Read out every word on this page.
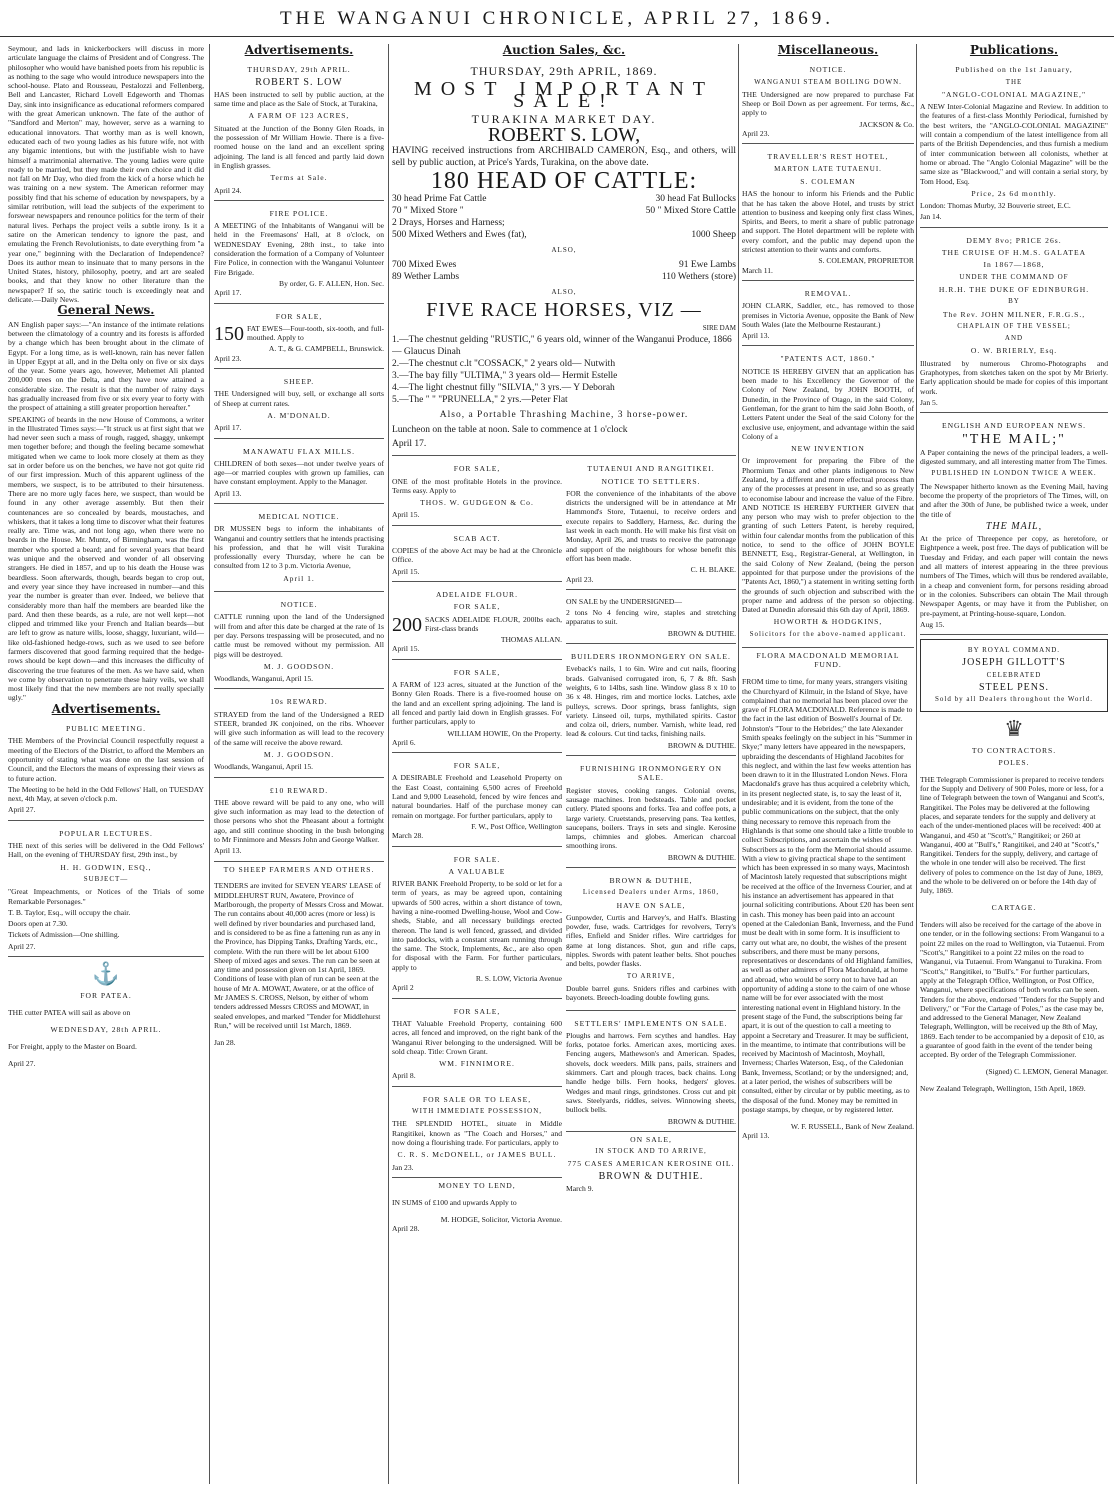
THE WANGANUI CHRONICLE, APRIL 27, 1869.

Seymour, and lads in knickerbockers will discuss in more articulate language the claims of President and of Congress. The philosopher who would have banished poets from his republic is as nothing to the sage who would introduce newspapers into the school-house. Plato and Rousseau, Pestalozzi and Fellenberg, Bell and Lancaster, Richard Lovell Edgeworth and Thomas Day, sink into insignificance as educational reformers compared with the great American unknown. The fate of the author of "Sandford and Merton" may, however, serve as a warning to educational innovators. That worthy man as is well known, educated each of two young ladies as his future wife, not with any bigamic intentions, but with the justifiable wish to have himself a matrimonial alternative. The young ladies were quite ready to be married, but they made their own choice and it did not fall on Mr Day, who died from the kick of a horse which he was training on a new system. The American reformer may possibly find that his scheme of education by newspapers, by a similar retribution, will lead the subjects of the experiment to forswear newspapers and renounce politics for the term of their natural lives. Perhaps the project veils a subtle irony. Is it a satire on the American tendency to ignore the past, and emulating the French Revolutionists, to date everything from "a year one," beginning with the Declaration of Independence? Does its author mean to insinuate that to many persons in the United States, history, philosophy, poetry, and art are sealed books, and that they know no other literature than the newspaper? If so, the satiric touch is exceedingly neat and delicate.—Daily News.

General News.

AN English paper says:—"An instance of the intimate relations between the climatology of a country and its forests is afforded by a change which has been brought about in the climate of Egypt. For a long time, as is well-known, rain has never fallen in Upper Egypt at all, and in the Delta only on five or six days of the year. Some years ago, however, Mehemet Ali planted 200,000 trees on the Delta, and they have now attained a considerable size. The result is that the number of rainy days has gradually increased from five or six every year to forty with the prospect of attaining a still greater proportion hereafter."

SPEAKING of beards in the new House of Commons, a writer in the Illustrated Times says:—"It struck us at first sight that we had never seen such a mass of rough, ragged, shaggy, unkempt men together before; and though the feeling became somewhat mitigated when we came to look more closely at them as they sat in order before us on the benches, we have not got quite rid of our first impression. Much of this apparent ugliness of the members, we suspect, is to be attributed to their hirsuteness. There are no more ugly faces here, we suspect, than would be found in any other average assembly. But then their countenances are so concealed by beards, moustaches, and whiskers, that it takes a long time to discover what their features really are. Time was, and not long ago, when there were no beards in the House. Mr. Muntz, of Birmingham, was the first member who sported a beard; and for several years that beard was unique and the observed and wonder of all observing strangers. He died in 1857, and up to his death the House was beardless. Soon afterwards, though, beards began to crop out, and every year since they have increased in number—and this year the number is greater than ever. Indeed, we believe that considerably more than half the members are bearded like the pard. And then these beards, as a rule, are not well kept—not clipped and trimmed like your French and Italian beards—but are left to grow as nature wills, loose, shaggy, luxuriant, wild—like old-fashioned hedge-rows, such as we used to see before farmers discovered that good farming required that the hedge-rows should be kept down—and this increases the difficulty of discovering the true features of the men. As we have said, when we come by observation to penetrate these hairy veils, we shall most likely find that the new members are not really specially ugly."

Advertisements.
PUBLIC MEETING.

THE Members of the Provincial Council respectfully request a meeting of the Electors of the District, to afford the Members an opportunity of stating what was done on the last session of Council, and the Electors the means of expressing their views as to future action.

The Meeting to be held in the Odd Fellows' Hall, on TUESDAY next, 4th May, at seven o'clock p.m.

April 27.
POPULAR LECTURES.

THE next of this series will be delivered in the Odd Fellows' Hall, on the evening of THURSDAY first, 29th inst., by

H. H. GODWIN, ESQ.,
SUBJECT—

"Great Impeachments, or Notices of the Trials of some Remarkable Personages."

T. B. Taylor, Esq., will occupy the chair.

Doors open at 7.30.

Tickets of Admission—One shilling.

April 27.
⚓
FOR PATEA.

THE cutter PATEA will sail as above on

WEDNESDAY, 28th APRIL.

For Freight, apply to the Master on Board.

April 27.
Advertisements.
THURSDAY, 29th APRIL.
ROBERT S. LOW

HAS been instructed to sell by public auction, at the same time and place as the Sale of Stock, at Turakina,

A FARM OF 123 ACRES,

Situated at the Junction of the Bonny Glen Roads, in the possession of Mr William Howie. There is a five-roomed house on the land and an excellent spring adjoining. The land is all fenced and partly laid down in English grasses.

Terms at Sale.
April 24.
FIRE POLICE.

A MEETING of the Inhabitants of Wanganui will be held in the Freemasons' Hall, at 8 o'clock, on WEDNESDAY Evening, 28th inst., to take into consideration the formation of a Company of Volunteer Fire Police, in connection with the Wanganui Volunteer Fire Brigade.

By order, G. F. ALLEN, Hon. Sec.
April 17.
FOR SALE,

150 FAT EWES—Four-tooth, six-tooth, and full-mouthed. Apply to

A. T., & G. CAMPBELL, Brunswick.
April 23.
SHEEP.

THE Undersigned will buy, sell, or exchange all sorts of Sheep at current rates.

A. M'DONALD.
April 17.
MANAWATU FLAX MILLS.

CHILDREN of both sexes—not under twelve years of age—or married couples with grown up families, can have constant employment. Apply to the Manager.

April 13.
MEDICAL NOTICE.

DR MUSSEN begs to inform the inhabitants of Wanganui and country settlers that he intends practising his profession, and that he will visit Turakina professionally every Thursday, where he can be consulted from 12 to 3 p.m. Victoria Avenue,

April 1.
NOTICE.

CATTLE running upon the land of the Undersigned will from and after this date be charged at the rate of 1s per day. Persons trespassing will be prosecuted, and no cattle must be removed without my permission. All pigs will be destroyed.

M. J. GOODSON.
Woodlands, Wanganui, April 15.
10s REWARD.

STRAYED from the land of the Undersigned a RED STEER, branded JK conjoined, on the ribs. Whoever will give such information as will lead to the recovery of the same will receive the above reward.

M. J. GOODSON.
Woodlands, Wanganui, April 15.
£10 REWARD.

THE above reward will be paid to any one, who will give such information as may lead to the detection of those persons who shot the Pheasant about a fortnight ago, and still continue shooting in the bush belonging to Mr Finnimore and Messrs John and George Walker.

April 13.
TO SHEEP FARMERS AND OTHERS.

TENDERS are invited for SEVEN YEARS' LEASE of MIDDLEHURST RUN, Awatere, Province of Marlborough, the property of Messrs Cross and Mowat. The run contains about 40,000 acres (more or less) is well defined by river boundaries and purchased land, and is considered to be as fine a fattening run as any in the Province, has Dipping Tanks, Drafting Yards, etc., complete. With the run there will be let about 6100 Sheep of mixed ages and sexes. The run can be seen at any time and possession given on 1st April, 1869. Conditions of lease with plan of run can be seen at the house of Mr A. MOWAT, Awatere, or at the office of Mr JAMES S. CROSS, Nelson, by either of whom tenders addressed Messrs CROSS and MOWAT, in sealed envelopes, and marked "Tender for Middlehurst Run," will be received until 1st March, 1869.

Jan 28.
Auction Sales, &c.
THURSDAY, 29th APRIL, 1869.
MOST IMPORTANT SALE!
TURAKINA MARKET DAY.
ROBERT S. LOW,

HAVING received instructions from ARCHIBALD CAMERON, Esq., and others, will sell by public auction, at Price's Yards, Turakina, on the above date.

180 HEAD OF CATTLE:
30 head Prime Fat Cattle	30 head Fat Bullocks
70 " Mixed Store "	50 " Mixed Store Cattle
2 Drays, Horses and Harness;
500 Mixed Wethers and Ewes (fat),	1000 Sheep
ALSO,
700 Mixed Ewes	91 Ewe Lambs
89 Wether Lambs	110 Wethers (store)
ALSO,
FIVE RACE HORSES, VIZ —
SIRE DAM
1.—The chestnut gelding "RUSTIC," 6 years old, winner of the Wanganui Produce, 1866— Glaucus Dinah
2.—The chestnut c.lt "COSSACK," 2 years old— Nutwith
3.—The bay filly "ULTIMA," 3 years old— Hermit Estelle
4.—The light chestnut filly "SILVIA," 3 yrs.— Y Deborah
5.—The " " "PRUNELLA," 2 yrs.—Peter Flat
Also, a Portable Thrashing Machine, 3 horse-power.

Luncheon on the table at noon. Sale to commence at 1 o'clock

April 17.
FOR SALE,

ONE of the most profitable Hotels in the province. Terms easy. Apply to

THOS. W. GUDGEON & Co.
April 15.
SCAB ACT.

COPIES of the above Act may be had at the Chronicle Office.

April 15.
ADELAIDE FLOUR.
FOR SALE,

200 SACKS ADELAIDE FLOUR, 200lbs each, First-class brands

THOMAS ALLAN.
April 15.
FOR SALE,

A FARM of 123 acres, situated at the Junction of the Bonny Glen Roads. There is a five-roomed house on the land and an excellent spring adjoining. The land is all fenced and partly laid down in English grasses. For further particulars, apply to

WILLIAM HOWIE, On the Property.
April 6.
FOR SALE,

A DESIRABLE Freehold and Leasehold Property on the East Coast, containing 6,500 acres of Freehold Land and 9,000 Leasehold, fenced by wire fences and natural boundaries. Half of the purchase money can remain on mortgage. For further particulars, apply to

F. W., Post Office, Wellington
March 28.
FOR SALE.
A VALUABLE

RIVER BANK Freehold Property, to be sold or let for a term of years, as may be agreed upon, containing upwards of 500 acres, within a short distance of town, having a nine-roomed Dwelling-house, Wool and Cow-sheds, Stable, and all necessary buildings erected thereon. The land is well fenced, grassed, and divided into paddocks, with a constant stream running through the same. The Stock, Implements, &c., are also open for disposal with the Farm. For further particulars, apply to

R. S. LOW, Victoria Avenue
April 2
FOR SALE,

THAT Valuable Freehold Property, containing 600 acres, all fenced and improved, on the right bank of the Wanganui River belonging to the undersigned. Will be sold cheap. Title: Crown Grant.

WM. FINNIMORE.
April 8.
FOR SALE OR TO LEASE,
WITH IMMEDIATE POSSESSION,

THE SPLENDID HOTEL, situate in Middle Rangitikei, known as "The Coach and Horses," and now doing a flourishing trade. For particulars, apply to

C. R. S. McDONELL, or JAMES BULL.
Jan 23.
MONEY TO LEND,

IN SUMS of £100 and upwards Apply to

M. HODGE, Solicitor, Victoria Avenue.
April 28.
TUTAENUI AND RANGITIKEI.
NOTICE TO SETTLERS.

FOR the convenience of the inhabitants of the above districts the undersigned will be in attendance at Mr Hammond's Store, Tutaenui, to receive orders and execute repairs to Saddlery, Harness, &c. during the last week in each month. He will make his first visit on Monday, April 26, and trusts to receive the patronage and support of the neighbours for whose benefit this effort has been made.

C. H. BLAKE.
April 23.

ON SALE by the UNDERSIGNED—

2 tons No 4 fencing wire, staples and stretching apparatus to suit.

BROWN & DUTHIE.
BUILDERS IRONMONGERY ON SALE.

Eveback's nails, 1 to 6in. Wire and cut nails, flooring brads. Galvanised corrugated iron, 6, 7 & 8ft. Sash weights, 6 to 14lbs, sash line. Window glass 8 x 10 to 36 x 48. Hinges, rim and mortice locks. Latches, axle pulleys, screws. Door springs, brass fanlights, sign variety. Linseed oil, turps, mythilated spirits. Castor and colza oil, driers, number. Varnish, white lead, red lead & colours. Cut tind tacks, finishing nails.

BROWN & DUTHIE.
FURNISHING IRONMONGERY ON SALE.

Register stoves, cooking ranges. Colonial ovens, sausage machines. Iron bedsteads. Table and pocket cutlery. Plated spoons and forks. Tea and coffee pots, a large variety. Cruetstands, preserving pans. Tea kettles, saucepans, boilers. Trays in sets and single. Kerosine lamps, chimnies and globes. American charcoal smoothing irons.

BROWN & DUTHIE.
BROWN & DUTHIE,
Licensed Dealers under Arms, 1860,
HAVE ON SALE,

Gunpowder, Curtis and Harvey's, and Hall's. Blasting powder, fuse, wads. Cartridges for revolvers, Terry's rifles, Enfield and Snider rifles. Wire cartridges for game at long distances. Shot, gun and rifle caps, nipples. Swords with patent leather belts. Shot pouches and belts, powder flasks.

TO ARRIVE,

Double barrel guns. Sniders rifles and carbines with bayonets. Breech-loading double fowling guns.

SETTLERS' IMPLEMENTS ON SALE.

Ploughs and harrows. Fern scythes and handles. Hay forks, potatoe forks. American axes, morticing axes. Fencing augers, Mathewson's and American. Spades, shovels, dock weeders. Milk pans, pails, strainers and skimmers. Cart and plough traces, back chains. Long handle hedge bills. Fern hooks, hedgers' gloves. Wedges and maul rings, grindstones. Cross cut and pit saws. Steelyards, riddles, seives. Winnowing sheets, bullock bells.

BROWN & DUTHIE.
ON SALE,
IN STOCK AND TO ARRIVE,
775 CASES AMERICAN KEROSINE OIL.
BROWN & DUTHIE.
March 9.
Miscellaneous.
NOTICE.
WANGANUI STEAM BOILING DOWN.

THE Undersigned are now prepared to purchase Fat Sheep or Boil Down as per agreement. For terms, &c., apply to

JACKSON & Co.
April 23.
TRAVELLER'S REST HOTEL,
MARTON LATE TUTAENUI.
S. COLEMAN

HAS the honour to inform his Friends and the Public that he has taken the above Hotel, and trusts by strict attention to business and keeping only first class Wines, Spirits, and Beers, to merit a share of public patronage and support. The Hotel department will be replete with every comfort, and the public may depend upon the strictest attention to their wants and comforts.

S. COLEMAN, PROPRIETOR
March 11.
REMOVAL.

JOHN CLARK, Saddler, etc., has removed to those premises in Victoria Avenue, opposite the Bank of New South Wales (late the Melbourne Restaurant.)

April 13.
"PATENTS ACT, 1860."

NOTICE IS HEREBY GIVEN that an application has been made to his Excellency the Governor of the Colony of New Zealand, by JOHN BOOTH, of Dunedin, in the Province of Otago, in the said Colony, Gentleman, for the grant to him the said John Booth, of Letters Patent under the Seal of the said Colony for the exclusive use, enjoyment, and advantage within the said Colony of a

NEW INVENTION

Or improvement for preparing the Fibre of the Phormium Tenax and other plants indigenous to New Zealand, by a different and more effectual process than any of the processes at present in use, and so as greatly to economise labour and increase the value of the Fibre. AND NOTICE IS HEREBY FURTHER GIVEN that any person who may wish to prefer objection to the granting of such Letters Patent, is hereby required, within four calendar months from the publication of this notice, to send to the office of JOHN BOYLE BENNETT, Esq., Registrar-General, at Wellington, in the said Colony of New Zealand, (being the person appointed for that purpose under the provisions of the "Patents Act, 1860,") a statement in writing setting forth the grounds of such objection and subscribed with the proper name and address of the person so objecting. Dated at Dunedin aforesaid this 6th day of April, 1869.

HOWORTH & HODGKINS,
Solicitors for the above-named applicant.
FLORA MACDONALD MEMORIAL FUND.

FROM time to time, for many years, strangers visiting the Churchyard of Kilmuir, in the Island of Skye, have complained that no memorial has been placed over the grave of FLORA MACDONALD. Reference is made to the fact in the last edition of Boswell's Journal of Dr. Johnston's "Tour to the Hebrides;" the late Alexander Smith speaks feelingly on the subject in his "Summer in Skye;" many letters have appeared in the newspapers, upbraiding the descendants of Highland Jacobites for this neglect, and within the last few weeks attention has been drawn to it in the Illustrated London News. Flora Macdonald's grave has thus acquired a celebrity which, in its present neglected state, is, to say the least of it, undesirable; and it is evident, from the tone of the public communications on the subject, that the only thing necessary to remove this reproach from the Highlands is that some one should take a little trouble to collect Subscriptions, and ascertain the wishes of Subscribers as to the form the Memorial should assume. With a view to giving practical shape to the sentiment which has been expressed in so many ways, Macintosh of Macintosh lately requested that subscriptions might be received at the office of the Inverness Courier, and at his instance an advertisement has appeared in that journal soliciting contributions. About £20 has been sent in cash. This money has been paid into an account opened at the Caledonian Bank, Inverness, and the Fund must be dealt with in some form. It is insufficient to carry out what are, no doubt, the wishes of the present subscribers, and there must be many persons, representatives or descendants of old Highland families, as well as other admirers of Flora Macdonald, at home and abroad, who would be sorry not to have had an opportunity of adding a stone to the cairn of one whose name will be for ever associated with the most interesting national event in Highland history. In the present stage of the Fund, the subscriptions being far apart, it is out of the question to call a meeting to appoint a Secretary and Treasurer. It may be sufficient, in the meantime, to intimate that contributions will be received by Macintosh of Macintosh, Moyhall, Inverness; Charles Waterson, Esq., of the Caledonian Bank, Inverness, Scotland; or by the undersigned; and, at a later period, the wishes of subscribers will be consulted, either by circular or by public meeting, as to the disposal of the fund. Money may be remitted in postage stamps, by cheque, or by registered letter.

W. F. RUSSELL, Bank of New Zealand.
April 13.
Publications.
Published on the 1st January,
THE
"ANGLO-COLONIAL MAGAZINE,"

A NEW Inter-Colonial Magazine and Review. In addition to the features of a first-class Monthly Periodical, furnished by the best writers, the "ANGLO-COLONIAL MAGAZINE" will contain a compendium of the latest intelligence from all parts of the British Dependencies, and thus furnish a medium of inter communication between all colonists, whether at home or abroad. The "Anglo Colonial Magazine" will be the same size as "Blackwood," and will contain a serial story, by Tom Hood, Esq.

Price, 2s 6d monthly.

London: Thomas Murby, 32 Bouverie street, E.C.

Jan 14.
DEMY 8vo; PRICE 26s.
THE CRUISE OF H.M.S. GALATEA
In 1867—1868,
UNDER THE COMMAND OF
H.R.H. THE DUKE OF EDINBURGH.
BY
The Rev. JOHN MILNER, F.R.G.S.,
CHAPLAIN OF THE VESSEL;
AND
O. W. BRIERLY, Esq.

Illustrated by numerous Chromo-Photographs and Graphotypes, from sketches taken on the spot by Mr Brierly. Early application should be made for copies of this important work.

Jan 5.
ENGLISH AND EUROPEAN NEWS.
"THE MAIL;"

A Paper containing the news of the principal leaders, a well-digested summary, and all interesting matter from The Times.

PUBLISHED IN LONDON TWICE A WEEK.

The Newspaper hitherto known as the Evening Mail, having become the property of the proprietors of The Times, will, on and after the 30th of June, be published twice a week, under the title of

THE MAIL,

At the price of Threepence per copy, as heretofore, or Eightpence a week, post free. The days of publication will be Tuesday and Friday, and each paper will contain the news and all matters of interest appearing in the three previous numbers of The Times, which will thus be rendered available, in a cheap and convenient form, for persons residing abroad or in the colonies. Subscribers can obtain The Mail through Newspaper Agents, or may have it from the Publisher, on pre-payment, at Printing-house-square, London.

Aug 15.
BY ROYAL COMMAND.
JOSEPH GILLOTT'S
CELEBRATED
STEEL PENS.
Sold by all Dealers throughout the World.
♛
TO CONTRACTORS.
POLES.

THE Telegraph Commissioner is prepared to receive tenders for the Supply and Delivery of 900 Poles, more or less, for a line of Telegraph between the town of Wanganui and Scott's, Rangitikei. The Poles may be delivered at the following places, and separate tenders for the supply and delivery at each of the under-mentioned places will be received: 400 at Wanganui, and 450 at "Scott's," Rangitikei; or 260 at Wanganui, 400 at "Bull's," Rangitikei, and 240 at "Scott's," Rangitikei. Tenders for the supply, delivery, and cartage of the whole in one tender will also be received. The first delivery of poles to commence on the 1st day of June, 1869, and the whole to be delivered on or before the 14th day of July, 1869.

CARTAGE.

Tenders will also be received for the cartage of the above in one tender, or in the following sections: From Wanganui to a point 22 miles on the road to Wellington, via Tutaenui. From "Scott's," Rangitikei to a point 22 miles on the road to Wanganui, via Tutaenui. From Wanganui to Turakina. From "Scott's," Rangitikei, to "Bull's." For further particulars, apply at the Telegraph Office, Wellington, or Post Office, Wanganui, where specifications of both works can be seen. Tenders for the above, endorsed "Tenders for the Supply and Delivery," or "For the Cartage of Poles," as the case may be, and addressed to the General Manager, New Zealand Telegraph, Wellington, will be received up the 8th of May, 1869. Each tender to be accompanied by a deposit of £10, as a guarantee of good faith in the event of the tender being accepted. By order of the Telegraph Commissioner.

(Signed) C. LEMON, General Manager.

New Zealand Telegraph, Wellington, 15th April, 1869.
